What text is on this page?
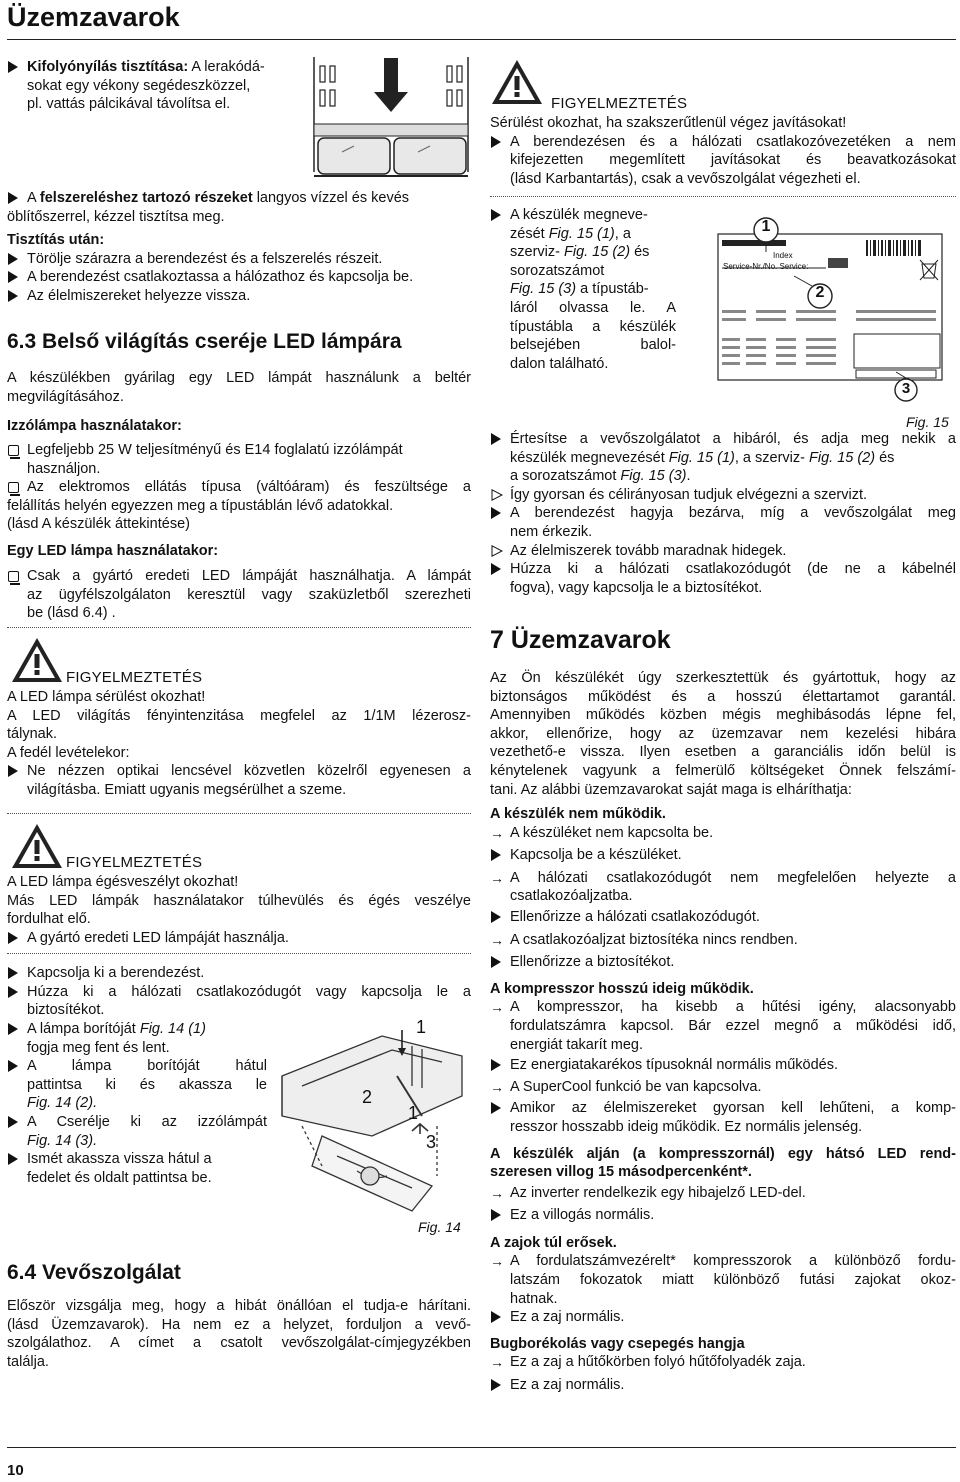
Üzemzavarok
Kifolyónyílás tisztítása: A lerakódá-
sokat egy vékony segédeszközzel,
pl. vattás pálcikával távolítsa el.
A felszereléshez tartozó részeket langyos vízzel és kevés
öblítőszerrel, kézzel tisztítsa meg.
Tisztítás után:
Törölje szárazra a berendezést és a felszerelés részeit.
A berendezést csatlakoztassa a hálózathoz és kapcsolja be.
Az élelmiszereket helyezze vissza.
6.3 Belső világítás cseréje LED lámpára
A készülékben gyárilag egy LED lámpát használunk a beltér
megvilágításához.
Izzólámpa használatakor:
Legfeljebb 25 W teljesítményű és E14 foglalatú izzólámpát
használjon.
Az elektromos ellátás típusa (váltóáram) és feszültsége a
felállítás helyén egyezzen meg a típustáblán lévő adatokkal.
(lásd A készülék áttekintése)
Egy LED lámpa használatakor:
Csak a gyártó eredeti LED lámpáját használhatja. A lámpát
az ügyfélszolgálaton keresztül vagy szaküzletből szerezheti
be (lásd 6.4) .
FIGYELMEZTETÉS
A LED lámpa sérülést okozhat!
A LED világítás fényintenzitása megfelel az 1/1M lézerosz-
tálynak.
A fedél levételekor:
Ne nézzen optikai lencsével közvetlen közelről egyenesen a
világításba. Emiatt ugyanis megsérülhet a szeme.
FIGYELMEZTETÉS
A LED lámpa égésveszélyt okozhat!
Más LED lámpák használatakor túlhevülés és égés veszélye
fordulhat elő.
A gyártó eredeti LED lámpáját használja.
Kapcsolja ki a berendezést.
Húzza ki a hálózati csatlakozódugót vagy kapcsolja le a
biztosítékot.
A lámpa borítóját Fig. 14 (1)
fogja meg fent és lent.
A lámpa borítóját hátul
pattintsa ki és akassza le
Fig. 14 (2).
A Cserélje ki az izzólámpát
Fig. 14 (3).
Ismét akassza vissza hátul a
fedelet és oldalt pattintsa be.
1
2
1
3
Fig. 14
6.4 Vevőszolgálat
Először vizsgálja meg, hogy a hibát önállóan el tudja-e hárítani.
(lásd Üzemzavarok). Ha nem ez a helyzet, forduljon a vevő-
szolgálathoz. A címet a csatolt vevőszolgálat-címjegyzékben
találja.
FIGYELMEZTETÉS
Sérülést okozhat, ha szakszerűtlenül végez javításokat!
A berendezésen és a hálózati csatlakozóvezetéken a nem
kifejezetten megemlített javításokat és beavatkozásokat
(lásd Karbantartás), csak a vevőszolgálat végezheti el.
A készülék megneve-
zését Fig. 15 (1), a
szerviz- Fig. 15 (2) és
sorozatszámot
Fig. 15 (3) a típustáb-
láról olvassa le. A
típustábla a készülék
belsejében balol-
dalon található.
1
2
3
Index
Service-Nr./No. Service:
Fig. 15
Értesítse a vevőszolgálatot a hibáról, és adja meg nekik a
készülék megnevezését Fig. 15 (1), a szerviz- Fig. 15 (2) és
a sorozatszámot Fig. 15 (3).
Így gyorsan és célirányosan tudjuk elvégezni a szervizt.
A berendezést hagyja bezárva, míg a vevőszolgálat meg
nem érkezik.
Az élelmiszerek tovább maradnak hidegek.
Húzza ki a hálózati csatlakozódugót (de ne a kábelnél
fogva), vagy kapcsolja le a biztosítékot.
7 Üzemzavarok
Az Ön készülékét úgy szerkesztettük és gyártottuk, hogy az
biztonságos működést és a hosszú élettartamot garantál.
Amennyiben működés közben mégis meghibásodás lépne fel,
akkor, ellenőrize, hogy az üzemzavar nem kezelési hibára
vezethető-e vissza. Ilyen esetben a garanciális időn belül is
kénytelenek vagyunk a felmerülő költségeket Önnek felszámí-
tani. Az alábbi üzemzavarokat saját maga is elháríthatja:
A készülék nem működik.
→ A készüléket nem kapcsolta be.
Kapcsolja be a készüléket.
→ A hálózati csatlakozódugót nem megfelelően helyezte a
csatlakozóaljzatba.
Ellenőrizze a hálózati csatlakozódugót.
→ A csatlakozóaljzat biztosítéka nincs rendben.
Ellenőrizze a biztosítékot.
A kompresszor hosszú ideig működik.
→ A kompresszor, ha kisebb a hűtési igény, alacsonyabb
fordulatszámra kapcsol. Bár ezzel megnő a működési idő,
energiát takarít meg.
Ez energiatakarékos típusoknál normális működés.
→ A SuperCool funkció be van kapcsolva.
Amikor az élelmiszereket gyorsan kell lehűteni, a komp-
resszor hosszabb ideig működik. Ez normális jelenség.
A készülék alján (a kompresszornál) egy hátsó LED rend-
szeresen villog 15 másodpercenként*.
→ Az inverter rendelkezik egy hibajelző LED-del.
Ez a villogás normális.
A zajok túl erősek.
→ A fordulatszámvezérelt* kompresszorok a különböző fordu-
latszám fokozatok miatt különböző futási zajokat okoz-
hatnak.
Ez a zaj normális.
Bugborékolás vagy csepegés hangja
→ Ez a zaj a hűtőkörben folyó hűtőfolyadék zaja.
Ez a zaj normális.
10
